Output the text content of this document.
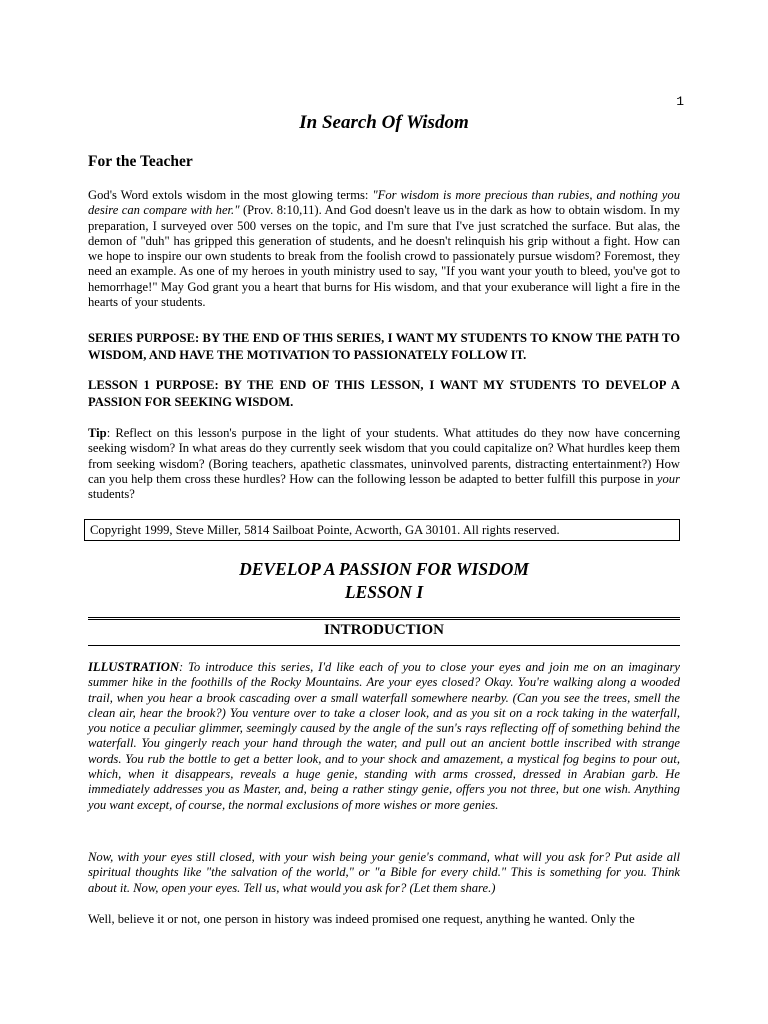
1
In Search Of Wisdom
For the Teacher
God's Word extols wisdom in the most glowing terms: "For wisdom is more precious than rubies, and nothing you desire can compare with her." (Prov. 8:10,11). And God doesn't leave us in the dark as how to obtain wisdom. In my preparation, I surveyed over 500 verses on the topic, and I'm sure that I've just scratched the surface. But alas, the demon of "duh" has gripped this generation of students, and he doesn't relinquish his grip without a fight. How can we hope to inspire our own students to break from the foolish crowd to passionately pursue wisdom? Foremost, they need an example. As one of my heroes in youth ministry used to say, "If you want your youth to bleed, you've got to hemorrhage!" May God grant you a heart that burns for His wisdom, and that your exuberance will light a fire in the hearts of your students.
SERIES PURPOSE: BY THE END OF THIS SERIES, I WANT MY STUDENTS TO KNOW THE PATH TO WISDOM, AND HAVE THE MOTIVATION TO PASSIONATELY FOLLOW IT.
LESSON 1 PURPOSE: BY THE END OF THIS LESSON, I WANT MY STUDENTS TO DEVELOP A PASSION FOR SEEKING WISDOM.
Tip: Reflect on this lesson's purpose in the light of your students. What attitudes do they now have concerning seeking wisdom? In what areas do they currently seek wisdom that you could capitalize on? What hurdles keep them from seeking wisdom? (Boring teachers, apathetic classmates, uninvolved parents, distracting entertainment?) How can you help them cross these hurdles? How can the following lesson be adapted to better fulfill this purpose in your students?
Copyright 1999, Steve Miller, 5814 Sailboat Pointe, Acworth, GA 30101. All rights reserved.
DEVELOP A PASSION FOR WISDOM
LESSON I
INTRODUCTION
ILLUSTRATION: To introduce this series, I'd like each of you to close your eyes and join me on an imaginary summer hike in the foothills of the Rocky Mountains. Are your eyes closed? Okay. You're walking along a wooded trail, when you hear a brook cascading over a small waterfall somewhere nearby. (Can you see the trees, smell the clean air, hear the brook?) You venture over to take a closer look, and as you sit on a rock taking in the waterfall, you notice a peculiar glimmer, seemingly caused by the angle of the sun's rays reflecting off of something behind the waterfall. You gingerly reach your hand through the water, and pull out an ancient bottle inscribed with strange words. You rub the bottle to get a better look, and to your shock and amazement, a mystical fog begins to pour out, which, when it disappears, reveals a huge genie, standing with arms crossed, dressed in Arabian garb. He immediately addresses you as Master, and, being a rather stingy genie, offers you not three, but one wish. Anything you want except, of course, the normal exclusions of more wishes or more genies.
Now, with your eyes still closed, with your wish being your genie's command, what will you ask for? Put aside all spiritual thoughts like "the salvation of the world," or "a Bible for every child." This is something for you. Think about it. Now, open your eyes. Tell us, what would you ask for? (Let them share.)
Well, believe it or not, one person in history was indeed promised one request, anything he wanted. Only the
